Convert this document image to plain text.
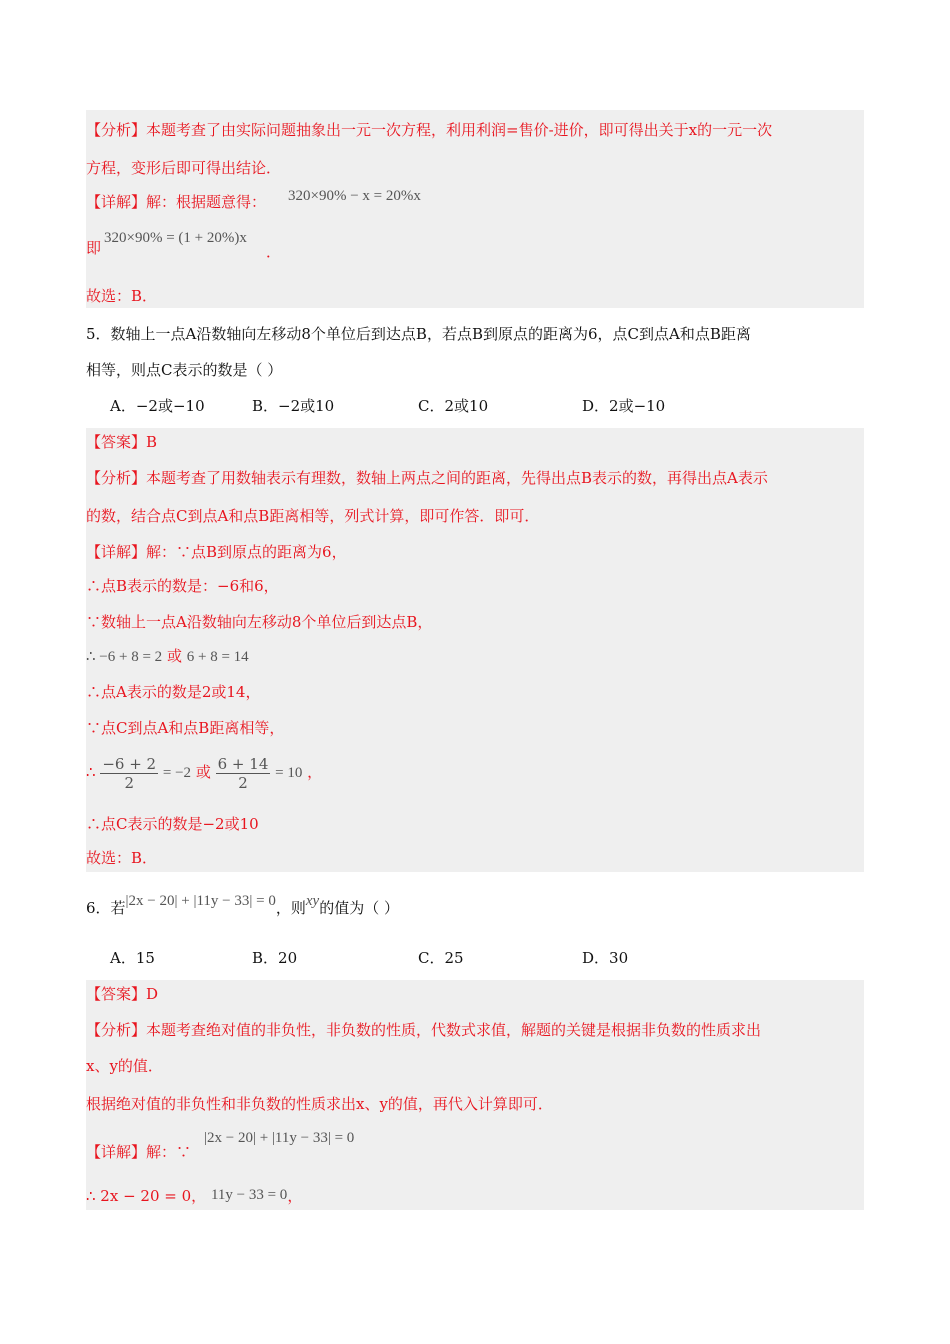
【分析】本题考查了由实际问题抽象出一元一次方程，利用利润=售价-进价，即可得出关于x的一元一次
方程，变形后即可得出结论．
【详解】解：根据题意得： 320×90% − x = 20%x
即
320×90% = (1 + 20%)x
．
故选：B．
5．数轴上一点A沿数轴向左移动8个单位后到达点B，若点B到原点的距离为6，点C到点A和点B距离
相等，则点C表示的数是（ ）
A．−2或−10	B．−2或10	C．2或10	D．2或−10
【答案】B
【分析】本题考查了用数轴表示有理数，数轴上两点之间的距离，先得出点B表示的数，再得出点A表示
的数，结合点C到点A和点B距离相等，列式计算，即可作答．即可．
【详解】解：∵点B到原点的距离为6，
∴点B表示的数是：−6和6，
∵数轴上一点A沿数轴向左移动8个单位后到达点B，
∴ −6 + 8 = 2 或 6 + 8 = 14
∴点A表示的数是2或14，
∵点C到点A和点B距离相等，
∴ $\frac{-6 + 2}{2} = -2$ 或 $\frac{6 + 14}{2} = 10$ ，
∴点C表示的数是−2或10
故选：B．
6．若|2x − 20| + |11y − 33| = 0，则xy的值为（ ）
A．15	B．20	C．25	D．30
【答案】D
【分析】本题考查绝对值的非负性，非负数的性质，代数式求值，解题的关键是根据非负数的性质求出
x、y的值．
根据绝对值的非负性和非负数的性质求出x、y的值，再代入计算即可．
【详解】解：∵
|2x − 20| + |11y − 33| = 0
∴ 2x − 20 = 0， 11y − 33 = 0，
